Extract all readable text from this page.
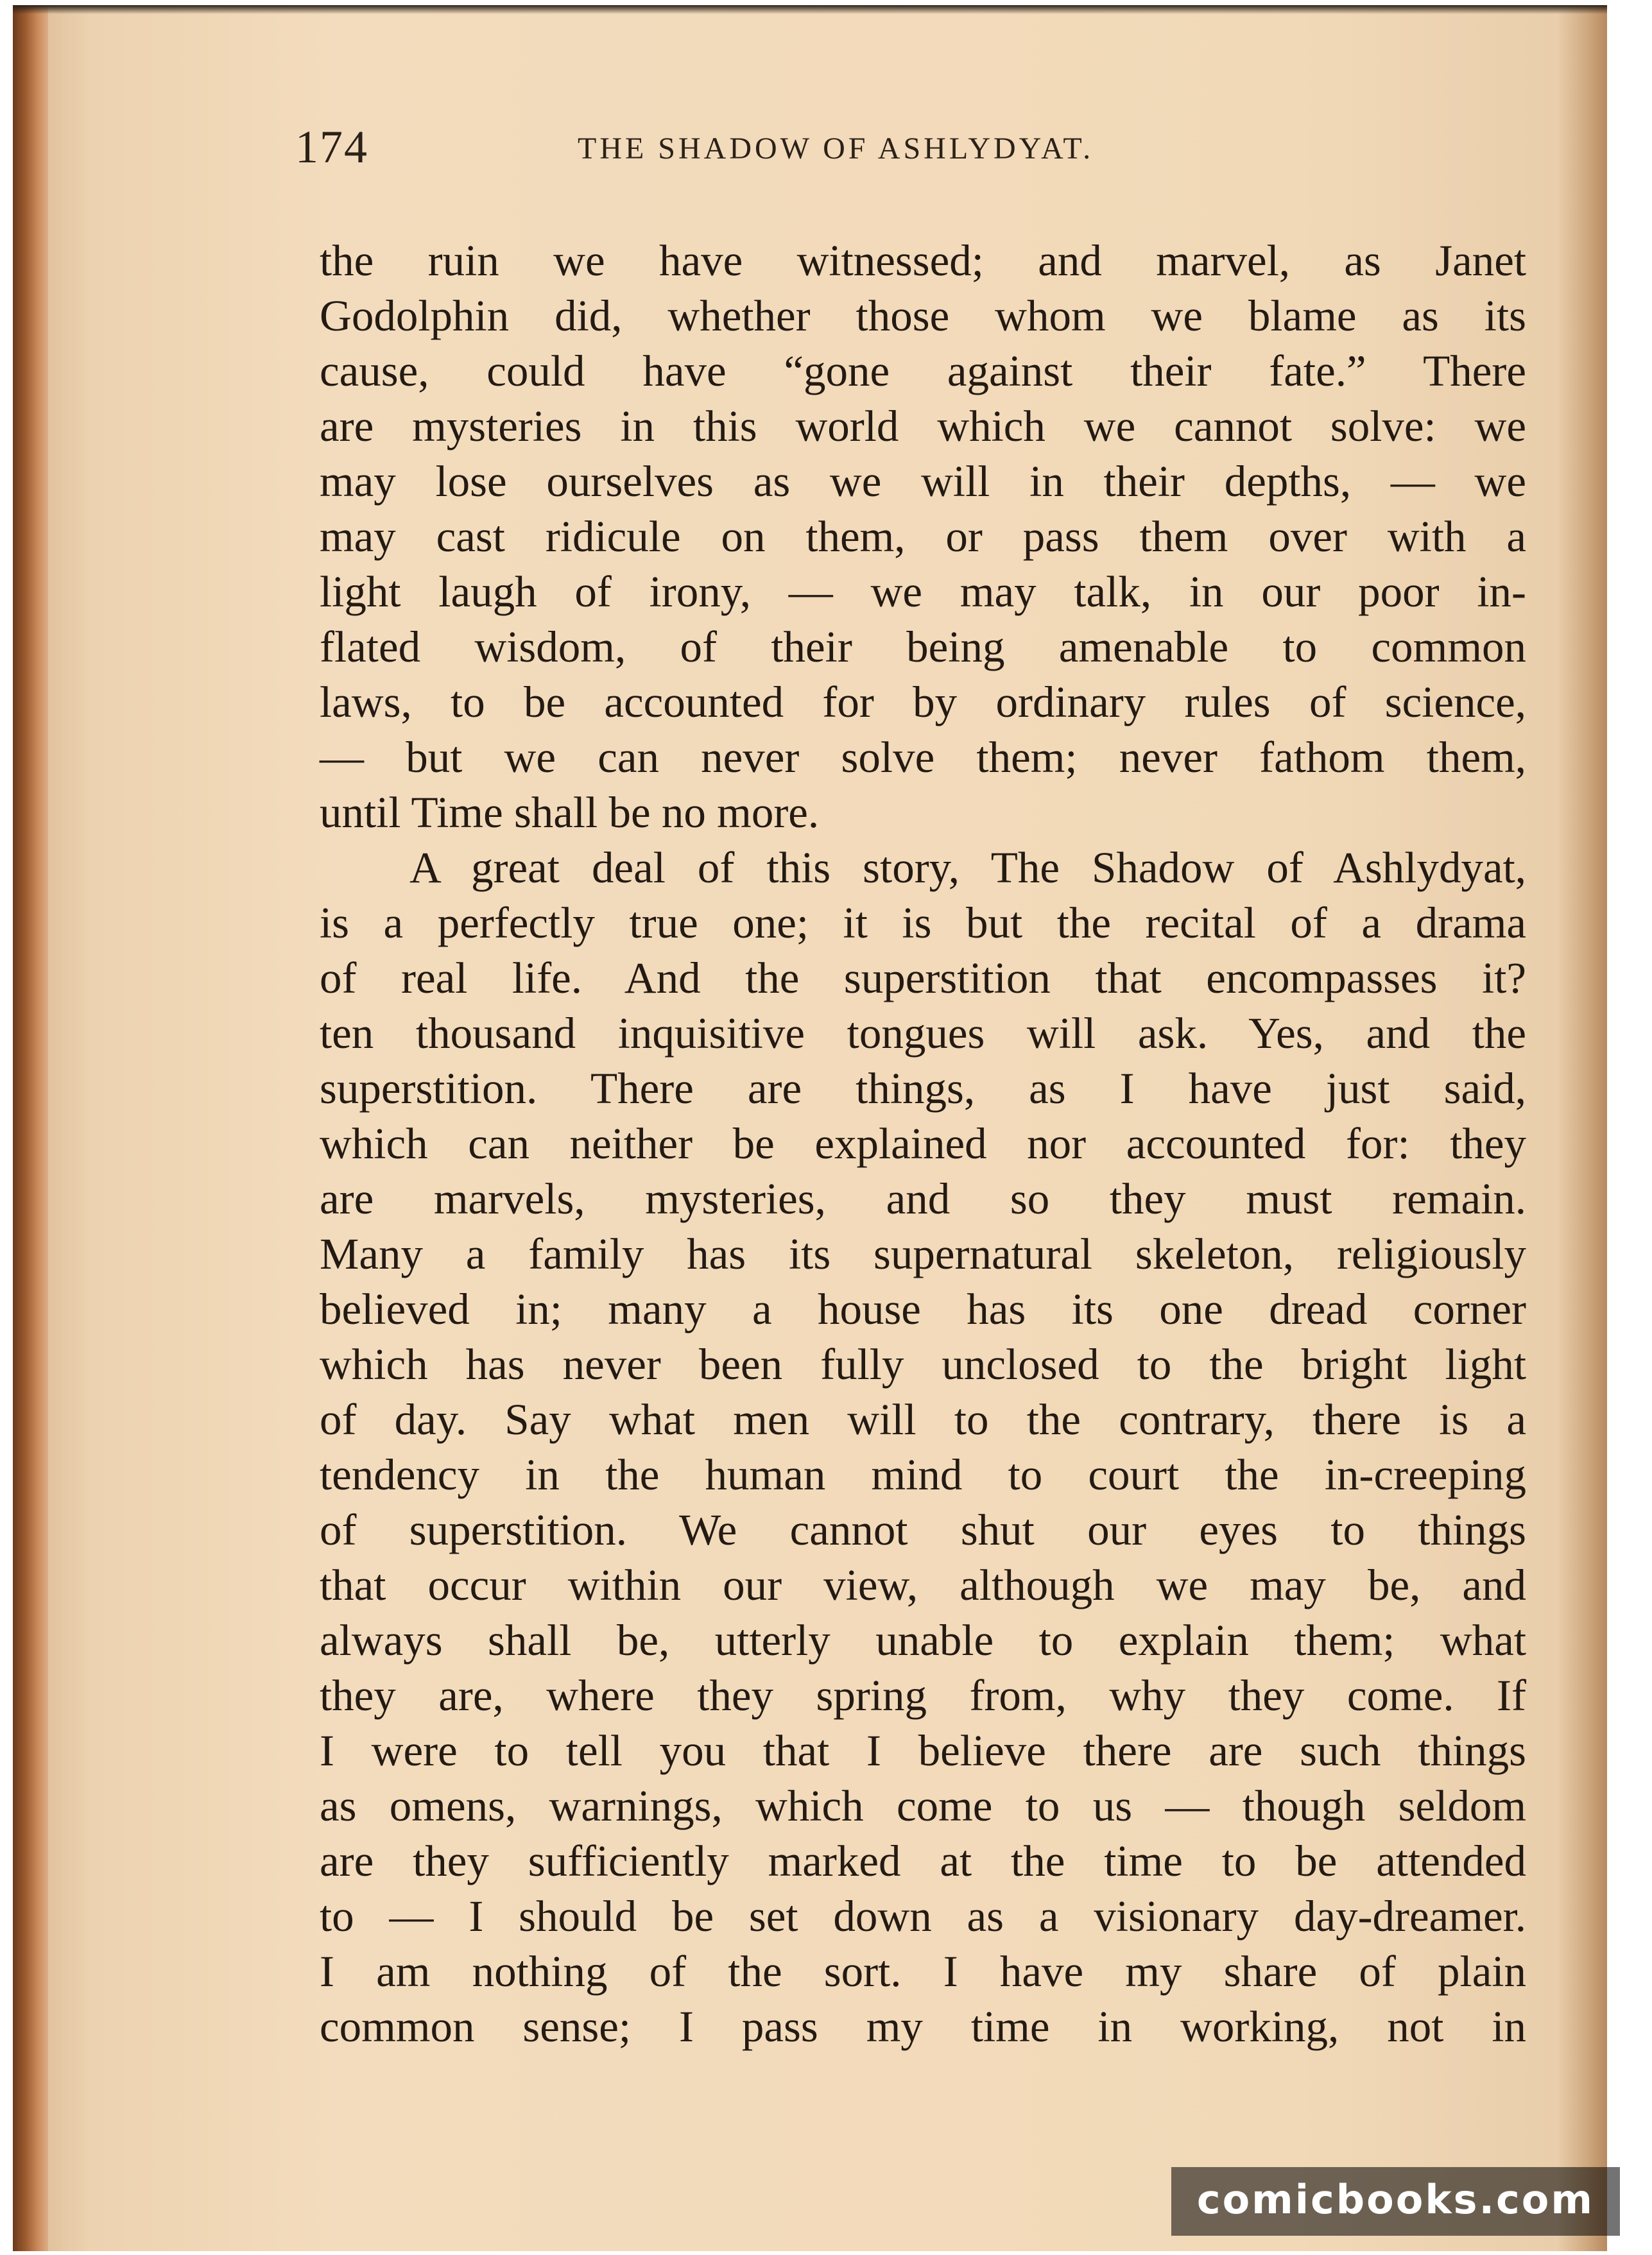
174	THE SHADOW OF ASHLYDYAT.
the ruin we have witnessed; and marvel, as Janet
Godolphin did, whether those whom we blame as its
cause, could have “gone against their fate.” There
are mysteries in this world which we cannot solve: we
may lose ourselves as we will in their depths, — we
may cast ridicule on them, or pass them over with a
light laugh of irony, — we may talk, in our poor in-
flated wisdom, of their being amenable to common
laws, to be accounted for by ordinary rules of science,
— but we can never solve them; never fathom them,
until Time shall be no more.
A great deal of this story, The Shadow of Ashlydyat,
is a perfectly true one; it is but the recital of a drama
of real life. And the superstition that encompasses it?
ten thousand inquisitive tongues will ask. Yes, and the
superstition. There are things, as I have just said,
which can neither be explained nor accounted for: they
are marvels, mysteries, and so they must remain.
Many a family has its supernatural skeleton, religiously
believed in; many a house has its one dread corner
which has never been fully unclosed to the bright light
of day. Say what men will to the contrary, there is a
tendency in the human mind to court the in-creeping
of superstition. We cannot shut our eyes to things
that occur within our view, although we may be, and
always shall be, utterly unable to explain them; what
they are, where they spring from, why they come. If
I were to tell you that I believe there are such things
as omens, warnings, which come to us — though seldom
are they sufficiently marked at the time to be attended
to — I should be set down as a visionary day-dreamer.
I am nothing of the sort. I have my share of plain
common sense; I pass my time in working, not in
comicbooks.com
